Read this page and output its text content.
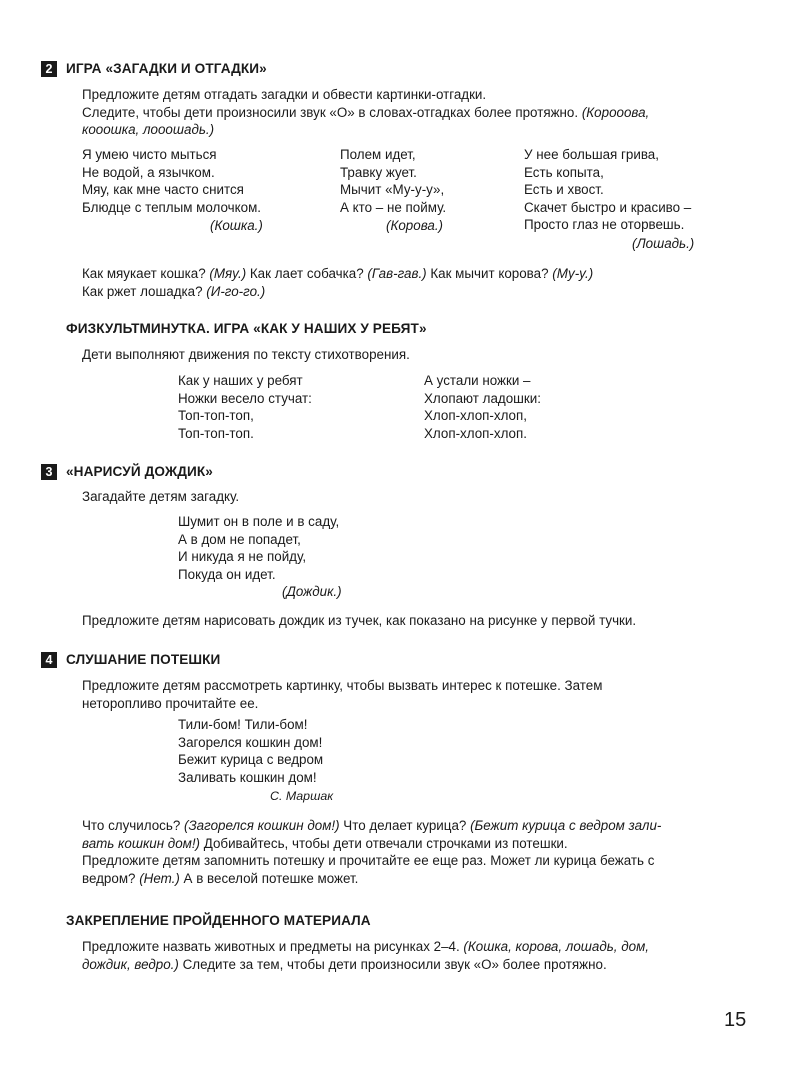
2 ИГРА «ЗАГАДКИ И ОТГАДКИ»
Предложите детям отгадать загадки и обвести картинки-отгадки.
Следите, чтобы дети произносили звук «О» в словах-отгадках более протяжно. (Короoова,
кооошка, лооошадь.)
Я умею чисто мыться
Не водой, а язычком.
Мяу, как мне часто снится
Блюдце с теплым молочком.
(Кошка.)
Полем идет,
Травку жует.
Мычит «Му-у-у»,
А кто – не пойму.
(Корова.)
У нее большая грива,
Есть копыта,
Есть и хвост.
Скачет быстро и красиво –
Просто глаз не оторвешь.
(Лошадь.)
Как мяукает кошка? (Мяу.) Как лает собачка? (Гав-гав.) Как мычит корова? (Му-у.)
Как ржет лошадка? (И-го-го.)
ФИЗКУЛЬТМИНУТКА. ИГРА «КАК У НАШИХ У РЕБЯТ»
Дети выполняют движения по тексту стихотворения.
Как у наших у ребят
Ножки весело стучат:
Топ-топ-топ,
Топ-топ-топ.
А устали ножки –
Хлопают ладошки:
Хлоп-хлоп-хлоп,
Хлоп-хлоп-хлоп.
3 «НАРИСУЙ ДОЖДИК»
Загадайте детям загадку.
Шумит он в поле и в саду,
А в дом не попадет,
И никуда я не пойду,
Покуда он идет.
(Дождик.)
Предложите детям нарисовать дождик из тучек, как показано на рисунке у первой тучки.
4 СЛУШАНИЕ ПОТЕШКИ
Предложите детям рассмотреть картинку, чтобы вызвать интерес к потешке. Затем
неторопливо прочитайте ее.
Тили-бом! Тили-бом!
Загорелся кошкин дом!
Бежит курица с ведром
Заливать кошкин дом!
С. Маршак
Что случилось? (Загорелся кошкин дом!) Что делает курица? (Бежит курица с ведром зали-
вать кошкин дом!) Добивайтесь, чтобы дети отвечали строчками из потешки.
Предложите детям запомнить потешку и прочитайте ее еще раз. Может ли курица бежать с
ведром? (Нет.) А в веселой потешке может.
ЗАКРЕПЛЕНИЕ ПРОЙДЕННОГО МАТЕРИАЛА
Предложите назвать животных и предметы на рисунках 2–4. (Кошка, корова, лошадь, дом,
дождик, ведро.) Следите за тем, чтобы дети произносили звук «О» более протяжно.
15
